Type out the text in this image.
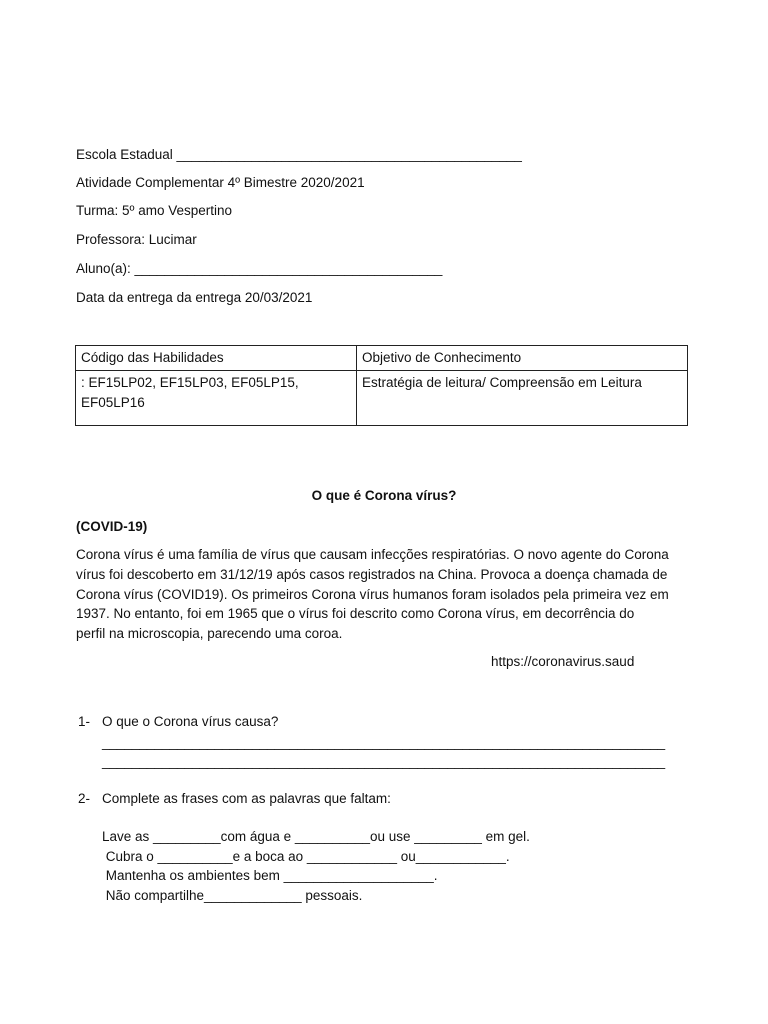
Escola Estadual ______________________________________________
Atividade Complementar 4º Bimestre 2020/2021
Turma: 5º amo Vespertino
Professora: Lucimar
Aluno(a): _________________________________________
Data da entrega da entrega 20/03/2021
Código das Habilidades	Objetivo de Conhecimento
: EF15LP02, EF15LP03, EF05LP15,
EF05LP16	Estratégia de leitura/ Compreensão em Leitura
O que é Corona vírus?
(COVID-19)
Corona vírus é uma família de vírus que causam infecções respiratórias. O novo agente do Corona
vírus foi descoberto em 31/12/19 após casos registrados na China. Provoca a doença chamada de
Corona vírus (COVID19). Os primeiros Corona vírus humanos foram isolados pela primeira vez em
1937. No entanto, foi em 1965 que o vírus foi descrito como Corona vírus, em decorrência do
perfil na microscopia, parecendo uma coroa.
https://coronavirus.saud
1- O que o Corona vírus causa?
___________________________________________________________________________
___________________________________________________________________________
2- Complete as frases com as palavras que faltam:
Lave as _________com água e __________ou use _________ em gel.
Cubra o __________e a boca ao ____________ ou____________.
Mantenha os ambientes bem ____________________.
Não compartilhe_____________ pessoais.
